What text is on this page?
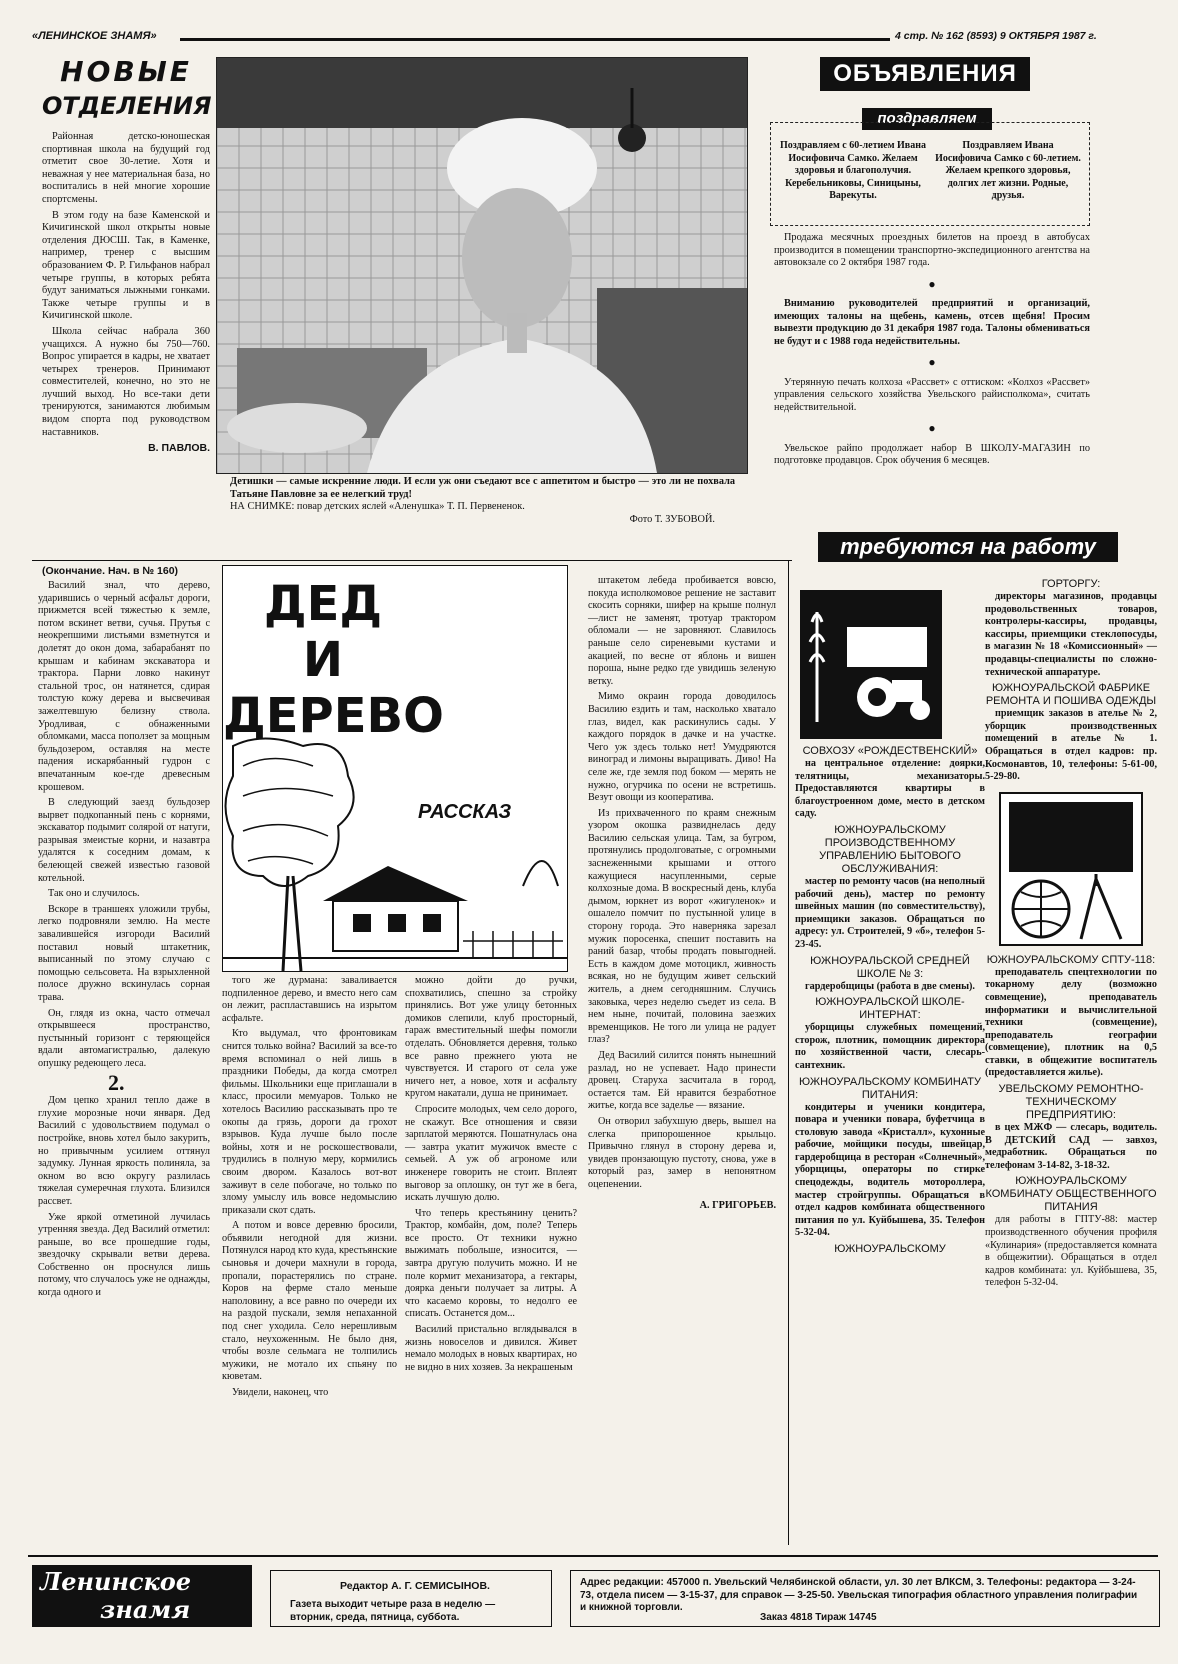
«ЛЕНИНСКОЕ ЗНАМЯ»	4 стр. № 162 (8593) 9 ОКТЯБРЯ 1987 г.
НОВЫЕ
ОТДЕЛЕНИЯ

Районная детско-юношеская спортивная школа на будущий год отметит свое 30-летие. Хотя и неважная у нее материальная база, но воспитались в ней многие хорошие спортсмены.

В этом году на базе Каменской и Кичигинской школ открыты новые отделения ДЮСШ. Так, в Каменке, например, тренер с высшим образованием Ф. Р. Гильфанов набрал четыре группы, в которых ребята будут заниматься лыжными гонками. Также четыре группы и в Кичигинской школе.

Школа сейчас набрала 360 учащихся. А нужно бы 750—760. Вопрос упирается в кадры, не хватает четырех тренеров. Принимают совместителей, конечно, но это не лучший выход. Но все-таки дети тренируются, занимаются любимым видом спорта под руководством наставников.

В. ПАВЛОВ.
Детишки — самые искренние люди. И если уж они съедают все с аппетитом и быстро — это ли не похвала Татьяне Павловне за ее нелегкий труд!
НА СНИМКЕ: повар детских яслей «Аленушка» Т. П. Первененок.
Фото Т. ЗУБОВОЙ.
ОБЪЯВЛЕНИЯ
поздравляем
Поздравляем с 60-летием Ивана Иосифовича Самко. Желаем здоровья и благополучия. Керебельниковы, Синицыны, Варекуты.
Поздравляем Ивана Иосифовича Самко с 60-летием. Желаем крепкого здоровья, долгих лет жизни. Родные, друзья.

Продажа месячных проездных билетов на проезд в автобусах производится в помещении транспортно-экспедиционного агентства на автовокзале со 2 октября 1987 года.

●

Вниманию руководителей предприятий и организаций, имеющих талоны на щебень, камень, отсев щебня! Просим вывезти продукцию до 31 декабря 1987 года. Талоны обмениваться не будут и с 1988 года недействительны.

●

Утерянную печать колхоза «Рассвет» с оттиском: «Колхоз «Рассвет» управления сельского хозяйства Увельского райисполкома», считать недействительной.

●

Увельское райпо продолжает набор В ШКОЛУ-МАГАЗИН по подготовке продавцов. Срок обучения 6 месяцев.

требуются на работу
(Окончание. Нач. в № 160)
ДЕД
И
ДЕРЕВО
РАССКАЗ

Василий знал, что дерево, ударившись о черный асфальт дороги, прижмется всей тяжестью к земле, потом вскинет ветви, сучья. Прутья с неокрепшими листьями взметнутся и долетят до окон дома, забарабанят по крышам и кабинам экскаватора и трактора. Парни ловко накинут стальной трос, он натянется, сдирая толстую кожу дерева и высвечивая зажелтевшую белизну ствола. Уродливая, с обнаженными обломками, масса поползет за мощным бульдозером, оставляя на месте падения искарябанный гудрон с впечатанным кое-где древесным крошевом.

В следующий заезд бульдозер вырвет подкопанный пень с корнями, экскаватор подымит солярой от натуги, разрывая змеистые корни, и назавтра удалятся к соседним домам, к белеющей свежей известью газовой котельной.

Так оно и случилось.

Вскоре в траншеях уложили трубы, легко подровняли землю. На месте завалившейся изгороди Василий поставил новый штакетник, выписанный по этому случаю с помощью сельсовета. На взрыхленной полосе дружно вскинулась сорная трава.

Он, глядя из окна, часто отмечал открывшееся пространство, пустынный горизонт с теряющейся вдали автомагистралью, далекую опушку редеющего леса.

2.

Дом цепко хранил тепло даже в глухие морозные ночи января. Дед Василий с удовольствием подумал о постройке, вновь хотел было закурить, но привычным усилием оттянул задумку. Лунная яркость полиняла, за окном во всю округу разлилась тяжелая сумеречная глухота. Близился рассвет.

Уже яркой отметиной лучилась утренняя звезда. Дед Василий отметил: раньше, во все прошедшие годы, звездочку скрывали ветви дерева. Собственно он проснулся лишь потому, что случалось уже не однажды, когда одного и

того же дурмана: заваливается подпиленное дерево, и вместо него сам он лежит, распластавшись на изрытом асфальте.

Кто выдумал, что фронтовикам снится только война? Василий за все-то время вспоминал о ней лишь в праздники Победы, да когда смотрел фильмы. Школьники еще приглашали в класс, просили мемуаров. Только не хотелось Василию рассказывать про те окопы да грязь, дороги да грохот взрывов. Куда лучше было после войны, хотя и не роскошествовали, трудились в полную меру, кормились своим двором. Казалось вот-вот заживут в селе побогаче, но только по злому умыслу иль вовсе недомыслию приказали скот сдать.

А потом и вовсе деревню бросили, объявили негодной для жизни. Потянулся народ кто куда, крестьянские сыновья и дочери махнули в города, пропали, порастерялись по стране. Коров на ферме стало меньше наполовину, а все равно по очереди их на раздой пускали, земля непаханной под снег уходила. Село нерешливым стало, неухоженным. Не было дня, чтобы возле сельмага не толпились мужики, не мотало их спьяну по кюветам.

Увидели, наконец, что

можно дойти до ручки, спохватились, спешно за стройку принялись. Вот уже улицу бетонных домиков слепили, клуб просторный, гараж вместительный шефы помогли отделать. Обновляется деревня, только все равно прежнего уюта не чувствуется. И старого от села уже ничего нет, а новое, хотя и асфальту кругом накатали, душа не принимает.

Спросите молодых, чем село дорого, не скажут. Все отношения и связи зарплатой меряются. Пошатнулась она — завтра укатит мужичок вместе с семьей. А уж об агрономе или инженере говорить не стоит. Вплеят выговор за оплошку, он тут же в бега, искать лучшую долю.

Что теперь крестьянину ценить? Трактор, комбайн, дом, поле? Теперь все просто. От техники нужно выжимать побольше, износится, — завтра другую получить можно. И не поле кормит механизатора, а гектары, доярка деньги получает за литры. А что касаемо коровы, то недолго ее списать. Останется дом...

Василий пристально вглядывался в жизнь новоселов и дивился. Живет немало молодых в новых квартирах, но не видно в них хозяев. За некрашеным

штакетом лебеда пробивается вовсю, покуда исполкомовое решение не заставит скосить сорняки, шифер на крыше полнул—лист не заменят, тротуар трактором обломали — не заровняют. Славилось раньше село сиреневыми кустами и акацией, по весне от яблонь и вишен пороша, ныне редко где увидишь зеленую ветку.

Мимо окраин города доводилось Василию ездить и там, насколько хватало глаз, видел, как раскинулись сады. У каждого порядок в дачке и на участке. Чего уж здесь только нет! Умудряются виноград и лимоны выращивать. Диво! На селе же, где земля под боком — мерять не нужно, огурчика по осени не встретишь. Везут овощи из кооператива.

Из прихваченного по краям снежным узором окошка развиднелась деду Василию сельская улица. Там, за бугром, протянулись продолговатые, с огромными заснеженными крышами и оттого кажущиеся насупленными, серые колхозные дома. В воскресный день, клуба дымом, юркнет из ворот «жигуленок» и ошалело помчит по пустынной улице в сторону города. Это наверняка зарезал мужик поросенка, спешит поставить на раний базар, чтобы продать повыгодней. Есть в каждом доме мотоцикл, живность всякая, но не будущим живет сельский житель, а днем сегодняшним. Случись заковыка, через неделю съедет из села. В нем ныне, почитай, половина заезжих временщиков. Не того ли улица не радует глаз?

Дед Василий силится понять нынешний разлад, но не успевает. Надо принести дровец. Старуха засчитала в город, остается там. Ей нравится безработное житье, когда все заделье — вязание.

Он отворил забухшую дверь, вышел на слегка припорошенное крыльцо. Привычно глянул в сторону дерева и, увидев пронзающую пустоту, снова, уже в который раз, замер в непонятном оцепенении.

А. ГРИГОРЬЕВ.
СОВХОЗУ «РОЖДЕСТВЕНСКИЙ»

на центральное отделение: доярки, телятницы, механизаторы. Предоставляются квартиры в благоустроенном доме, место в детском саду.

ЮЖНОУРАЛЬСКОМУ ПРОИЗВОДСТВЕННОМУ УПРАВЛЕНИЮ БЫТОВОГО ОБСЛУЖИВАНИЯ:

мастер по ремонту часов (на неполный рабочий день), мастер по ремонту швейных машин (по совместительству), приемщики заказов. Обращаться по адресу: ул. Строителей, 9 «б», телефон 5-23-45.

ЮЖНОУРАЛЬСКОЙ СРЕДНЕЙ ШКОЛЕ № 3:

гардеробщицы (работа в две смены).

ЮЖНОУРАЛЬСКОЙ ШКОЛЕ-ИНТЕРНАТ:

уборщицы служебных помещений, сторож, плотник, помощник директора по хозяйственной части, слесарь-сантехник.

ЮЖНОУРАЛЬСКОМУ КОМБИНАТУ ПИТАНИЯ:

кондитеры и ученики кондитера, повара и ученики повара, буфетчица в столовую завода «Кристалл», кухонные рабочие, мойщики посуды, швейцар, гардеробщица в ресторан «Солнечный», уборщицы, операторы по стирке спецодежды, водитель мотороллера, мастер стройгруппы. Обращаться в отдел кадров комбината общественного питания по ул. Куйбышева, 35. Телефон 5-32-04.

ЮЖНОУРАЛЬСКОМУ
ГОРТОРГУ:

директоры магазинов, продавцы продовольственных товаров, контролеры-кассиры, продавцы, кассиры, приемщики стеклопосуды, в магазин № 18 «Комиссионный» — продавцы-специалисты по сложно-технической аппаратуре.

ЮЖНОУРАЛЬСКОЙ ФАБРИКЕ РЕМОНТА И ПОШИВА ОДЕЖДЫ

приемщик заказов в ателье № 2, уборщик производственных помещений в ателье № 1. Обращаться в отдел кадров: пр. Космонавтов, 10, телефоны: 5-61-00, 5-29-80.

ЮЖНОУРАЛЬСКОМУ СПТУ-118:

преподаватель спецтехнологии по токарному делу (возможно совмещение), преподаватель информатики и вычислительной техники (совмещение), преподаватель географии (совмещение), плотник на 0,5 ставки, в общежитие воспитатель (предоставляется жилье).

УВЕЛЬСКОМУ РЕМОНТНО-ТЕХНИЧЕСКОМУ ПРЕДПРИЯТИЮ:

в цех МЖФ — слесарь, водитель. В ДЕТСКИЙ САД — завхоз, медработник. Обращаться по телефонам 3-14-82, 3-18-32.

ЮЖНОУРАЛЬСКОМУ КОМБИНАТУ ОБЩЕСТВЕННОГО ПИТАНИЯ

для работы в ГПТУ-88: мастер производственного обучения профиля «Кулинария» (предоставляется комната в общежитии). Обращаться в отдел кадров комбината: ул. Куйбышева, 35, телефон 5-32-04.

Ленинское
знамя
Редактор А. Г. СЕМИСЫНОВ.
Газета выходит четыре раза в неделю — вторник, среда, пятница, суббота.
Адрес редакции: 457000 п. Увельский Челябинской области, ул. 30 лет ВЛКСМ, 3. Телефоны: редактора — 3-24-73, отдела писем — 3-15-37, для справок — 3-25-50. Увельская типография областного управления полиграфии и книжной торговли.
Заказ 4818 Тираж 14745
